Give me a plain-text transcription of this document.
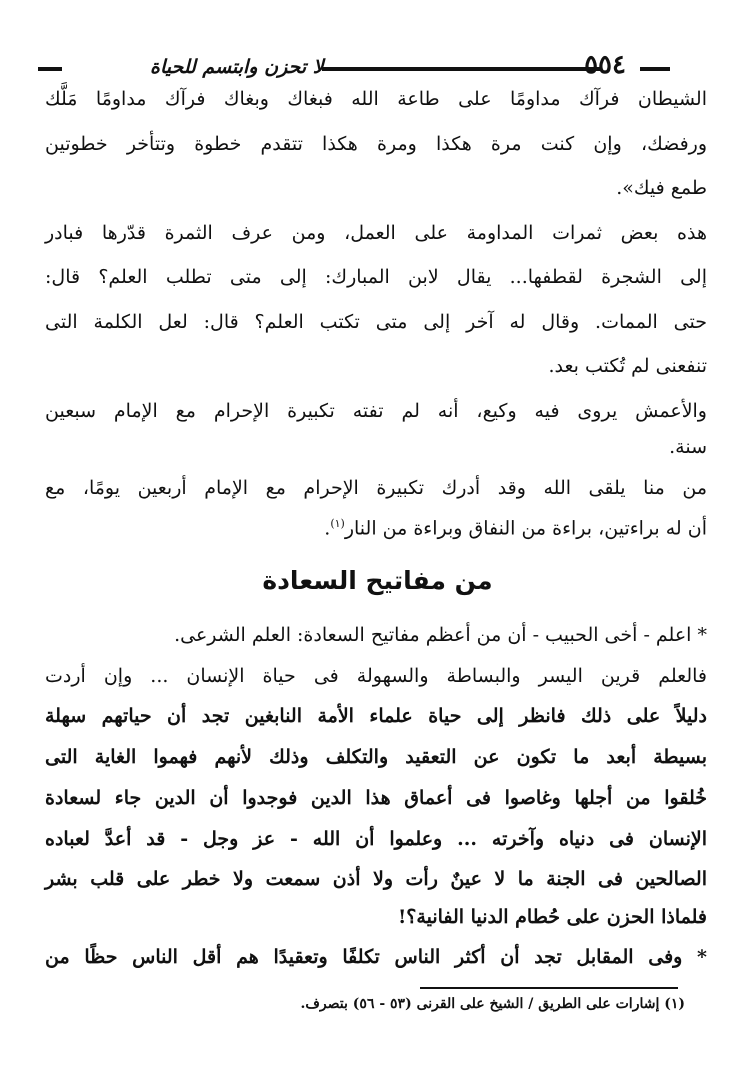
لا تحزن وابتسم للحياة	٥٥٤
الشيطان فرآك مداومًا على طاعة الله فبغاك وبغاك فرآك مداومًا مَلَّك
ورفضك، وإن كنت مرة هكذا ومرة هكذا تتقدم خطوة وتتأخر خطوتين
طمع فيك».
هذه بعض ثمرات المداومة على العمل، ومن عرف الثمرة قدّرها فبادر
إلى الشجرة لقطفها... يقال لابن المبارك: إلى متى تطلب العلم؟ قال:
حتى الممات. وقال له آخر إلى متى تكتب العلم؟ قال: لعل الكلمة التى
تنفعنى لم تُكتب بعد.
والأعمش يروى فيه وكيع، أنه لم تفته تكبيرة الإحرام مع الإمام سبعين
سنة.
من منا يلقى الله وقد أدرك تكبيرة الإحرام مع الإمام أربعين يومًا، مع
أن له براءتين، براءة من النفاق وبراءة من النار$^{(١)}$.
من مفاتيح السعادة
* اعلم - أخى الحبيب - أن من أعظم مفاتيح السعادة: العلم الشرعى.
فالعلم قرين اليسر والبساطة والسهولة فى حياة الإنسان ... وإن أردت
دليلاً على ذلك فانظر إلى حياة علماء الأمة النابغين تجد أن حياتهم سهلة
بسيطة أبعد ما تكون عن التعقيد والتكلف وذلك لأنهم فهموا الغاية التى
خُلقوا من أجلها وغاصوا فى أعماق هذا الدين فوجدوا أن الدين جاء لسعادة
الإنسان فى دنياه وآخرته ... وعلموا أن الله - عز وجل - قد أعدَّ لعباده
الصالحين فى الجنة ما لا عينٌ رأت ولا أذن سمعت ولا خطر على قلب بشر
فلماذا الحزن على حُطام الدنيا الفانية؟!
* وفى المقابل تجد أن أكثر الناس تكلفًا وتعقيدًا هم أقل الناس حظًا من
(١) إشارات على الطريق / الشيخ على القرنى (٥٣ - ٥٦) بتصرف.
